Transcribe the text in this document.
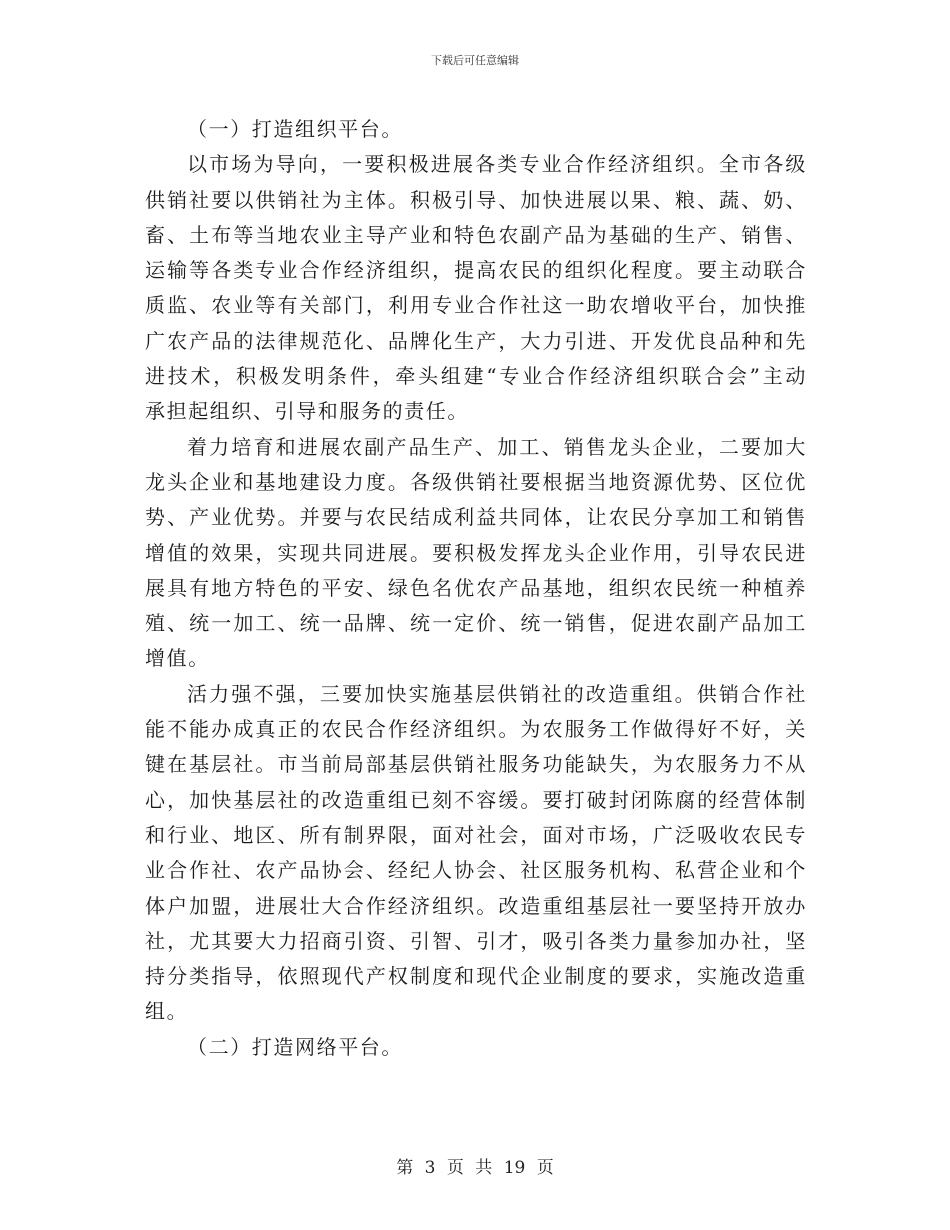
下载后可任意编辑
（一）打造组织平台。
以市场为导向，一要积极进展各类专业合作经济组织。全市各级
供销社要以供销社为主体。积极引导、加快进展以果、粮、蔬、奶、
畜、土布等当地农业主导产业和特色农副产品为基础的生产、销售、
运输等各类专业合作经济组织，提高农民的组织化程度。要主动联合
质监、农业等有关部门，利用专业合作社这一助农增收平台，加快推
广农产品的法律规范化、品牌化生产，大力引进、开发优良品种和先
进技术，积极发明条件，牵头组建“专业合作经济组织联合会”主动
承担起组织、引导和服务的责任。
着力培育和进展农副产品生产、加工、销售龙头企业，二要加大
龙头企业和基地建设力度。各级供销社要根据当地资源优势、区位优
势、产业优势。并要与农民结成利益共同体，让农民分享加工和销售
增值的效果，实现共同进展。要积极发挥龙头企业作用，引导农民进
展具有地方特色的平安、绿色名优农产品基地，组织农民统一种植养
殖、统一加工、统一品牌、统一定价、统一销售，促进农副产品加工
增值。
活力强不强，三要加快实施基层供销社的改造重组。供销合作社
能不能办成真正的农民合作经济组织。为农服务工作做得好不好，关
键在基层社。市当前局部基层供销社服务功能缺失，为农服务力不从
心，加快基层社的改造重组已刻不容缓。要打破封闭陈腐的经营体制
和行业、地区、所有制界限，面对社会，面对市场，广泛吸收农民专
业合作社、农产品协会、经纪人协会、社区服务机构、私营企业和个
体户加盟，进展壮大合作经济组织。改造重组基层社一要坚持开放办
社，尤其要大力招商引资、引智、引才，吸引各类力量参加办社，坚
持分类指导，依照现代产权制度和现代企业制度的要求，实施改造重
组。
（二）打造网络平台。
第 3 页 共 19 页
